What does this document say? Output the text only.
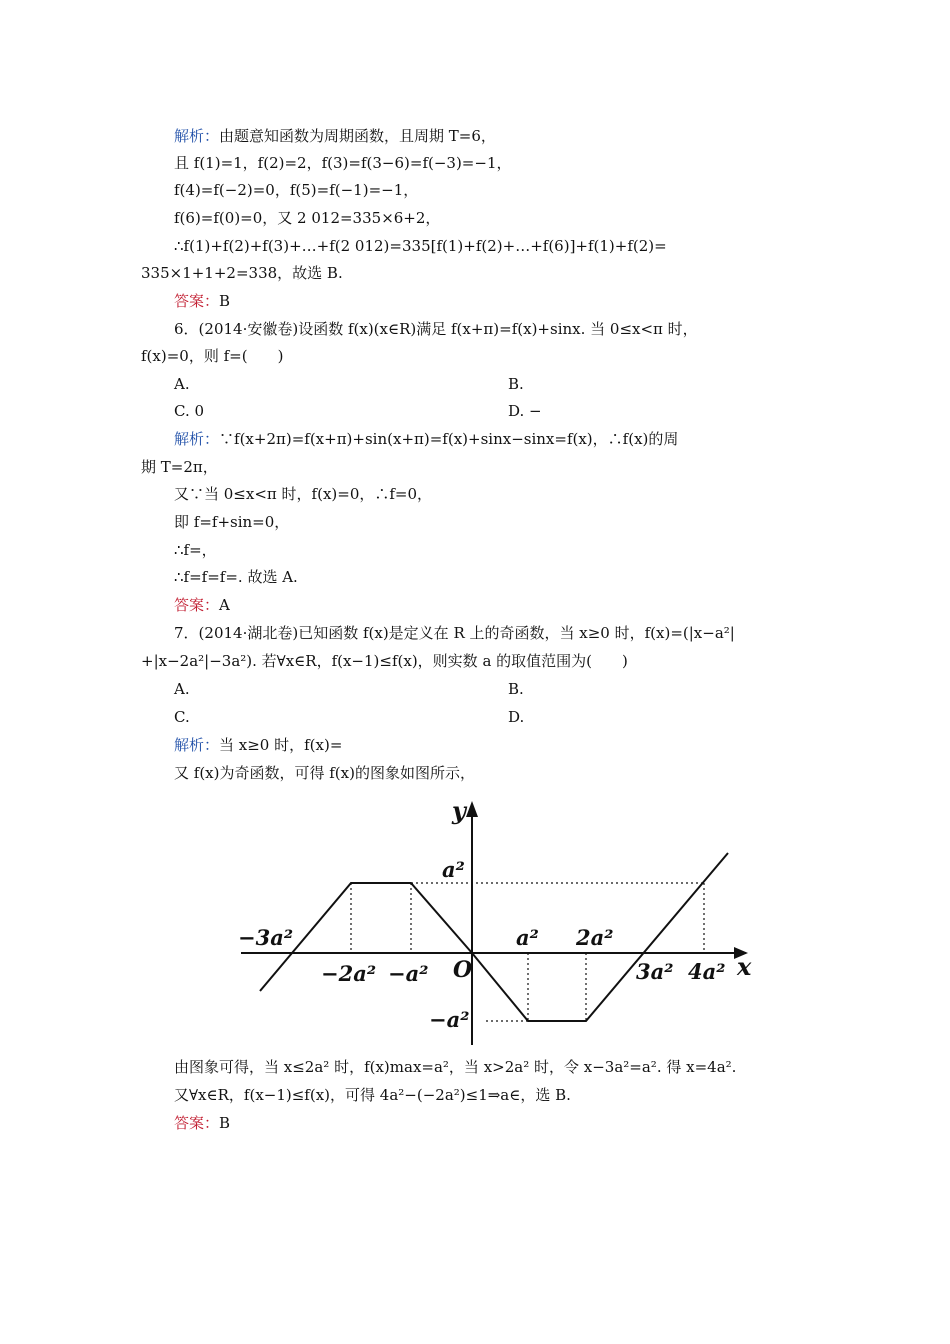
解析：由题意知函数为周期函数，且周期 T=6，
且 f(1)=1，f(2)=2，f(3)=f(3−6)=f(−3)=−1，
f(4)=f(−2)=0，f(5)=f(−1)=−1，
f(6)=f(0)=0，又 2 012=335×6+2，
∴f(1)+f(2)+f(3)+…+f(2 012)=335[f(1)+f(2)+…+f(6)]+f(1)+f(2)=
335×1+1+2=338，故选 B.
答案：B
6．(2014·安徽卷)设函数 f(x)(x∈R)满足 f(x+π)=f(x)+sinx. 当 0≤x<π 时，
f(x)=0，则 f=(　　)
A.	B.
C. 0	D. −
解析：∵f(x+2π)=f(x+π)+sin(x+π)=f(x)+sinx−sinx=f(x)，∴f(x)的周
期 T=2π，
又∵当 0≤x<π 时，f(x)=0，∴f=0，
即 f=f+sin=0，
∴f=，
∴f=f=f=. 故选 A.
答案：A
7．(2014·湖北卷)已知函数 f(x)是定义在 R 上的奇函数，当 x≥0 时，f(x)=(|x−a²|
+|x−2a²|−3a²). 若∀x∈R，f(x−1)≤f(x)，则实数 a 的取值范围为(　　)
A.	B.
C.	D.
解析：当 x≥0 时，f(x)=
又 f(x)为奇函数，可得 f(x)的图象如图所示，
y
x
O
a²
−3a²
−2a² −a²
a² 2a²
3a² 4a²
−a²
由图象可得，当 x≤2a² 时，f(x)max=a²，当 x>2a² 时，令 x−3a²=a². 得 x=4a².
又∀x∈R，f(x−1)≤f(x)，可得 4a²−(−2a²)≤1⇒a∈，选 B.
答案：B
